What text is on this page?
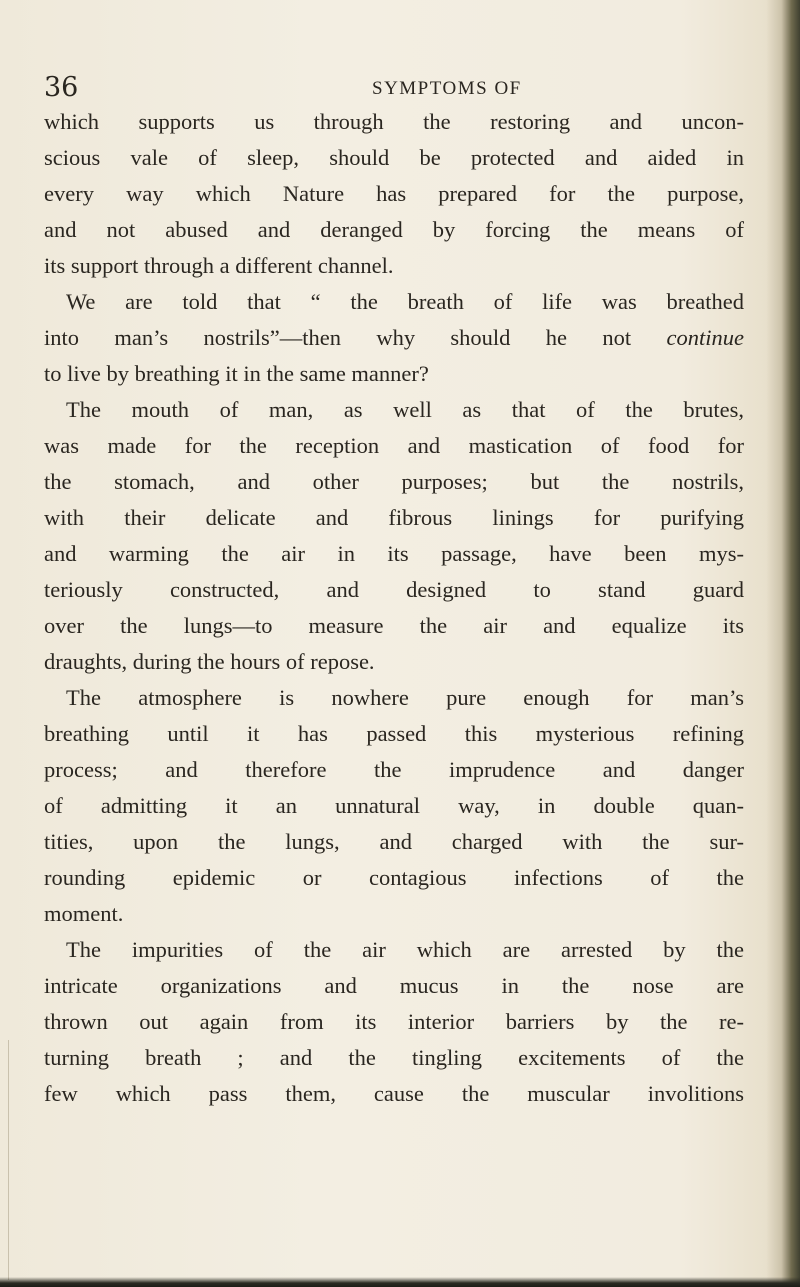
36	SYMPTOMS OF
which supports us through the restoring and uncon-
scious vale of sleep, should be protected and aided in
every way which Nature has prepared for the purpose,
and not abused and deranged by forcing the means of
its support through a different channel.
We are told that “ the breath of life was breathed
into man’s nostrils”—then why should he not continue
to live by breathing it in the same manner?
The mouth of man, as well as that of the brutes,
was made for the reception and mastication of food for
the stomach, and other purposes; but the nostrils,
with their delicate and fibrous linings for purifying
and warming the air in its passage, have been mys-
teriously constructed, and designed to stand guard
over the lungs—to measure the air and equalize its
draughts, during the hours of repose.
The atmosphere is nowhere pure enough for man’s
breathing until it has passed this mysterious refining
process; and therefore the imprudence and danger
of admitting it an unnatural way, in double quan-
tities, upon the lungs, and charged with the sur-
rounding epidemic or contagious infections of the
moment.
The impurities of the air which are arrested by the
intricate organizations and mucus in the nose are
thrown out again from its interior barriers by the re-
turning breath ; and the tingling excitements of the
few which pass them, cause the muscular involitions
